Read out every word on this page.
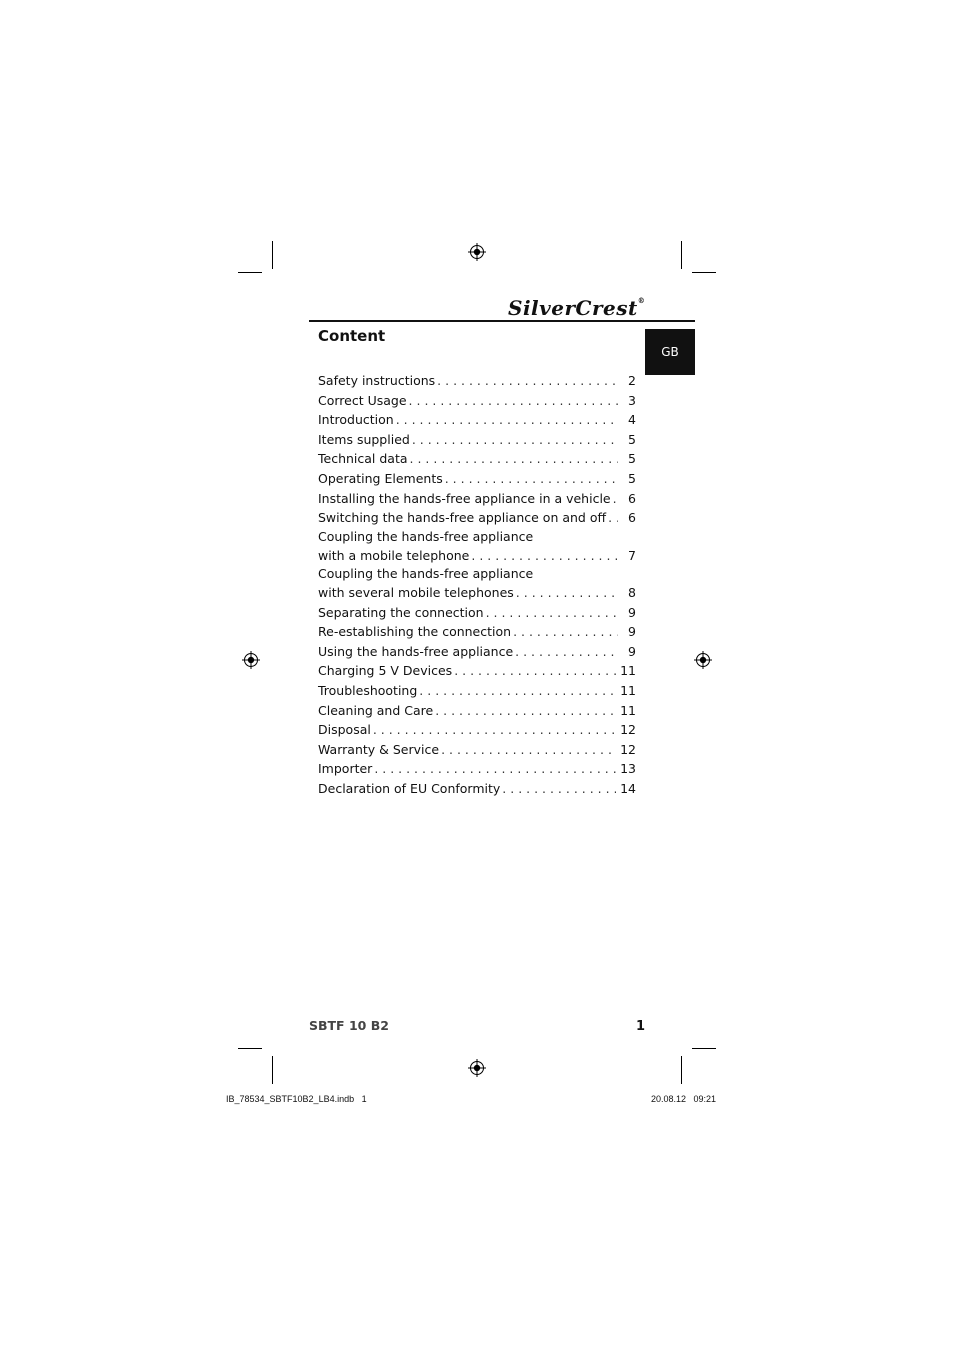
SilverCrest®
Content
GB
Safety instructions . . .	2
Correct Usage . . .	3
Introduction . . .	4
Items supplied . . .	5
Technical data . . .	5
Operating Elements . . .	5
Installing the hands-free appliance in a vehicle . . .	6
Switching the hands-free appliance on and off . . .	6
Coupling the hands-free appliance
with a mobile telephone . . .	7
Coupling the hands-free appliance
with several mobile telephones . . .	8
Separating the connection . . .	9
Re-establishing the connection . . .	9
Using the hands-free appliance . . .	9
Charging 5 V Devices . . .	11
Troubleshooting . . .	11
Cleaning and Care . . .	11
Disposal . . .	12
Warranty & Service . . .	12
Importer . . .	13
Declaration of EU Conformity . . .	14
SBTF 10 B2	1
IB_78534_SBTF10B2_LB4.indb   1	20.08.12   09:21
